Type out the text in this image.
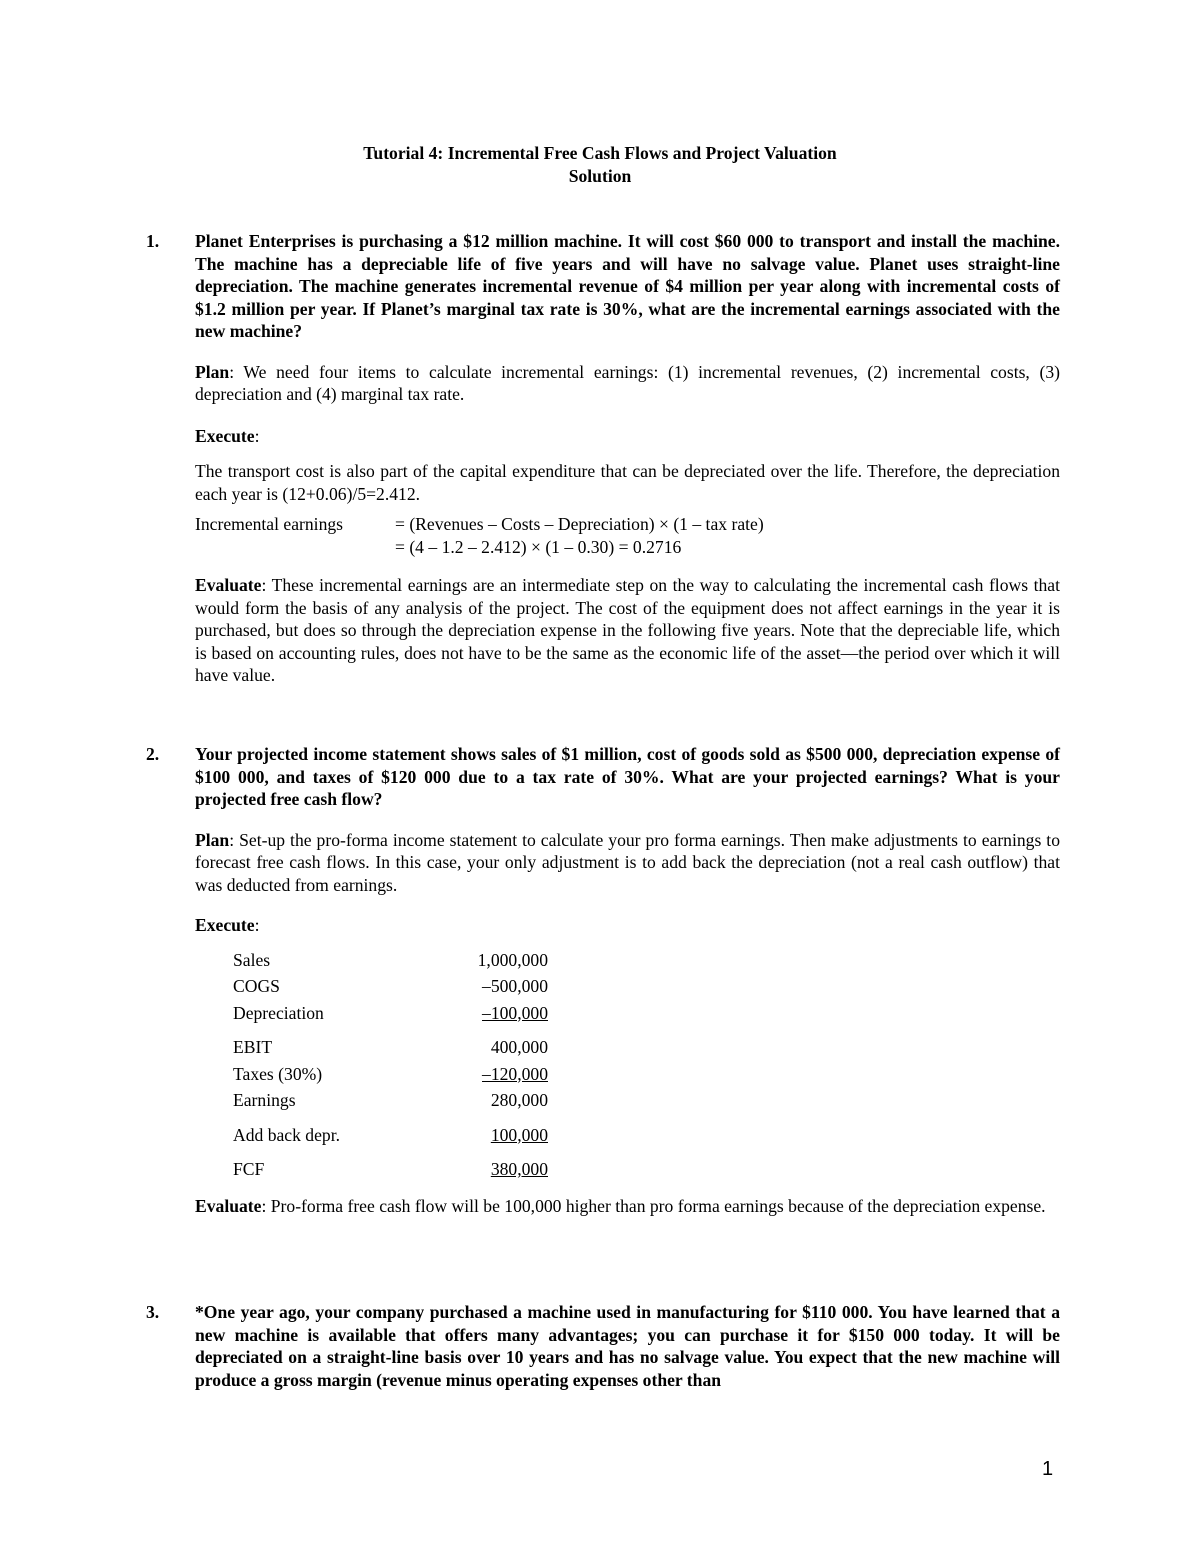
Tutorial 4: Incremental Free Cash Flows and Project Valuation
Solution
1. Planet Enterprises is purchasing a $12 million machine. It will cost $60 000 to transport and install the machine. The machine has a depreciable life of five years and will have no salvage value. Planet uses straight-line depreciation. The machine generates incremental revenue of $4 million per year along with incremental costs of $1.2 million per year. If Planet’s marginal tax rate is 30%, what are the incremental earnings associated with the new machine?

Plan: We need four items to calculate incremental earnings: (1) incremental revenues, (2) incremental costs, (3) depreciation and (4) marginal tax rate.

Execute:

The transport cost is also part of the capital expenditure that can be depreciated over the life. Therefore, the depreciation each year is (12+0.06)/5=2.412.

Incremental earnings	= (Revenues – Costs – Depreciation) × (1 – tax rate)
= (4 – 1.2 – 2.412) × (1 – 0.30) = 0.2716

Evaluate: These incremental earnings are an intermediate step on the way to calculating the incremental cash flows that would form the basis of any analysis of the project. The cost of the equipment does not affect earnings in the year it is purchased, but does so through the depreciation expense in the following five years. Note that the depreciable life, which is based on accounting rules, does not have to be the same as the economic life of the asset—the period over which it will have value.

2. Your projected income statement shows sales of $1 million, cost of goods sold as $500 000, depreciation expense of $100 000, and taxes of $120 000 due to a tax rate of 30%. What are your projected earnings? What is your projected free cash flow?

Plan: Set-up the pro-forma income statement to calculate your pro forma earnings. Then make adjustments to earnings to forecast free cash flows. In this case, your only adjustment is to add back the depreciation (not a real cash outflow) that was deducted from earnings.

Execute:

Sales	1,000,000
COGS	–500,000
Depreciation	–100,000
EBIT	400,000
Taxes (30%)	–120,000
Earnings	280,000
Add back depr.	100,000
FCF	380,000

Evaluate: Pro-forma free cash flow will be 100,000 higher than pro forma earnings because of the depreciation expense.

3. *One year ago, your company purchased a machine used in manufacturing for $110 000. You have learned that a new machine is available that offers many advantages; you can purchase it for $150 000 today. It will be depreciated on a straight-line basis over 10 years and has no salvage value. You expect that the new machine will produce a gross margin (revenue minus operating expenses other than

1
